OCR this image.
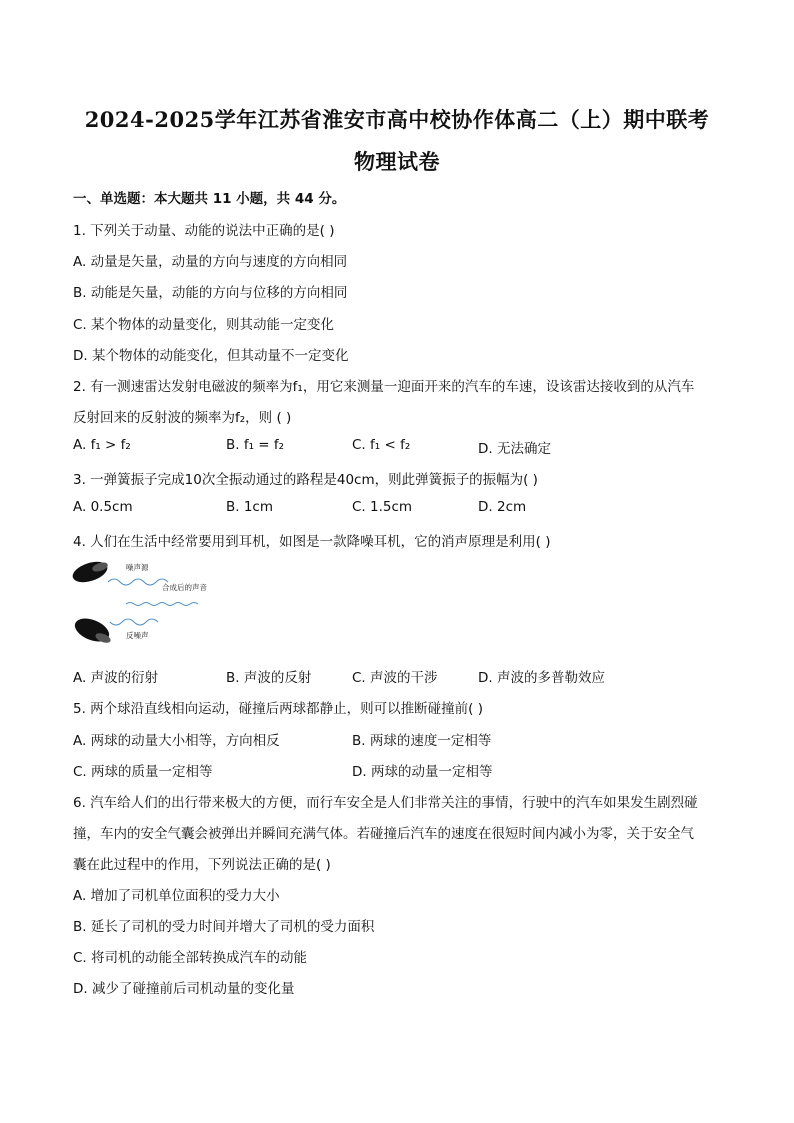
2024-2025学年江苏省淮安市高中校协作体高二（上）期中联考
物理试卷
一、单选题：本大题共 11 小题，共 44 分。
1. 下列关于动量、动能的说法中正确的是( )
A. 动量是矢量，动量的方向与速度的方向相同
B. 动能是矢量，动能的方向与位移的方向相同
C. 某个物体的动量变化，则其动能一定变化
D. 某个物体的动能变化，但其动量不一定变化
2. 有一测速雷达发射电磁波的频率为f₁，用它来测量一迎面开来的汽车的车速，设该雷达接收到的从汽车
反射回来的反射波的频率为f₂，则 ( )
A. f₁ > f₂	B. f₁ = f₂	C. f₁ < f₂	D. 无法确定
3. 一弹簧振子完成10次全振动通过的路程是40cm，则此弹簧振子的振幅为( )
A. 0.5cm	B. 1cm	C. 1.5cm	D. 2cm
4. 人们在生活中经常要用到耳机，如图是一款降噪耳机，它的消声原理是利用( )
噪声源
合成后的声音
反噪声
A. 声波的衍射	B. 声波的反射	C. 声波的干涉	D. 声波的多普勒效应
5. 两个球沿直线相向运动，碰撞后两球都静止，则可以推断碰撞前( )
A. 两球的动量大小相等，方向相反	B. 两球的速度一定相等
C. 两球的质量一定相等	D. 两球的动量一定相等
6. 汽车给人们的出行带来极大的方便，而行车安全是人们非常关注的事情，行驶中的汽车如果发生剧烈碰
撞，车内的安全气囊会被弹出并瞬间充满气体。若碰撞后汽车的速度在很短时间内减小为零，关于安全气
囊在此过程中的作用，下列说法正确的是( )
A. 增加了司机单位面积的受力大小
B. 延长了司机的受力时间并增大了司机的受力面积
C. 将司机的动能全部转换成汽车的动能
D. 减少了碰撞前后司机动量的变化量
